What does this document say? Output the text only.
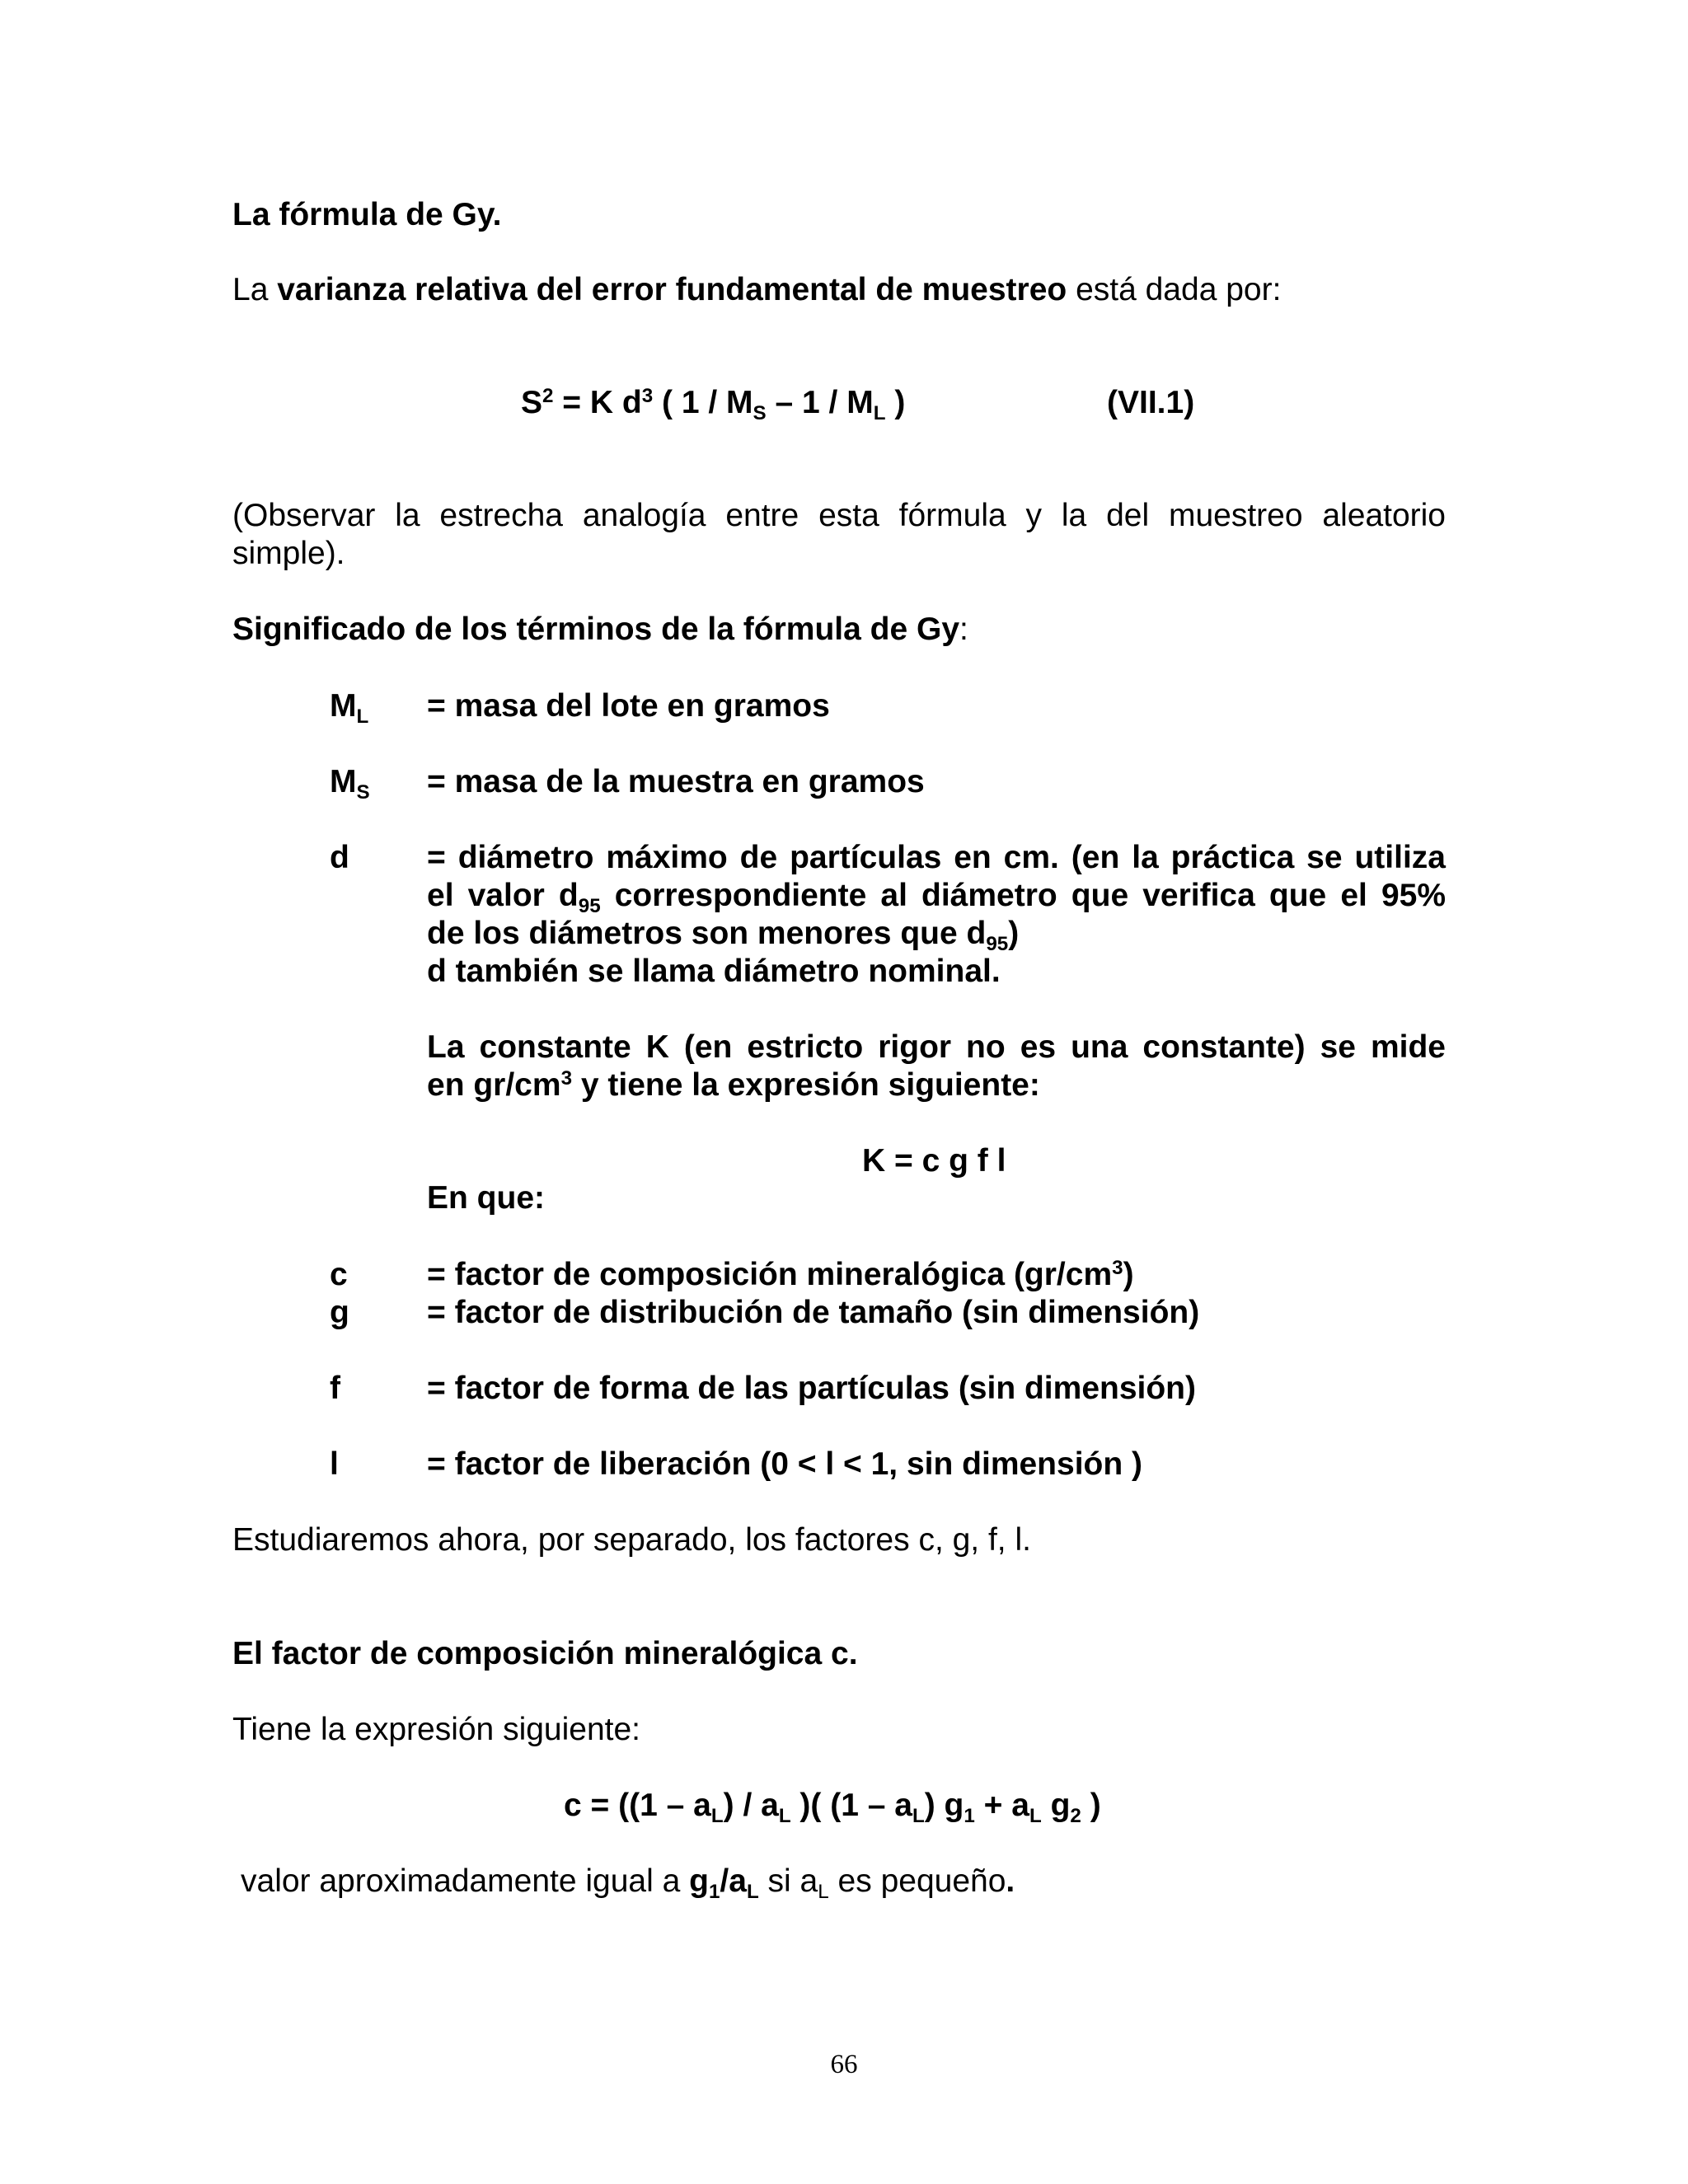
La fórmula de Gy.
La varianza relativa del error fundamental de muestreo está dada por:
$S^2 = K$ $d^3$ ( $1 / M_S - 1 / M_L$ )	(VII.1)
(Observar la estrecha analogía entre esta fórmula y la del muestreo aleatorio
simple).
Significado de los términos de la fórmula de Gy:
$M_L$ = masa del lote en gramos
$M_S$ = masa de la muestra en gramos
d = diámetro máximo de partículas en cm. (en la práctica se utiliza
el valor $d_{95}$ correspondiente al diámetro que verifica que el 95%
de los diámetros son menores que $d_{95}$)
d también se llama diámetro nominal.
La constante K (en estricto rigor no es una constante) se mide
en $gr/cm^3$ y tiene la expresión siguiente:
K = c g f l
En que:
c = factor de composición mineralógica $(gr/cm^3)$
g = factor de distribución de tamaño (sin dimensión)
f	= factor de forma de las partículas (sin dimensión)
l	= factor de liberación (0 < l < 1, sin dimensión )
Estudiaremos ahora, por separado, los factores c, g, f, l.
El factor de composición mineralógica c.
Tiene la expresión siguiente:
$c = ((1 - a_L) / a_L$ )( $(1 - a_L)$ $g_1 + a_L$ $g_2$ )
valor aproximadamente igual a $g_1/a_L$ si $a_L$ es pequeño.
66
